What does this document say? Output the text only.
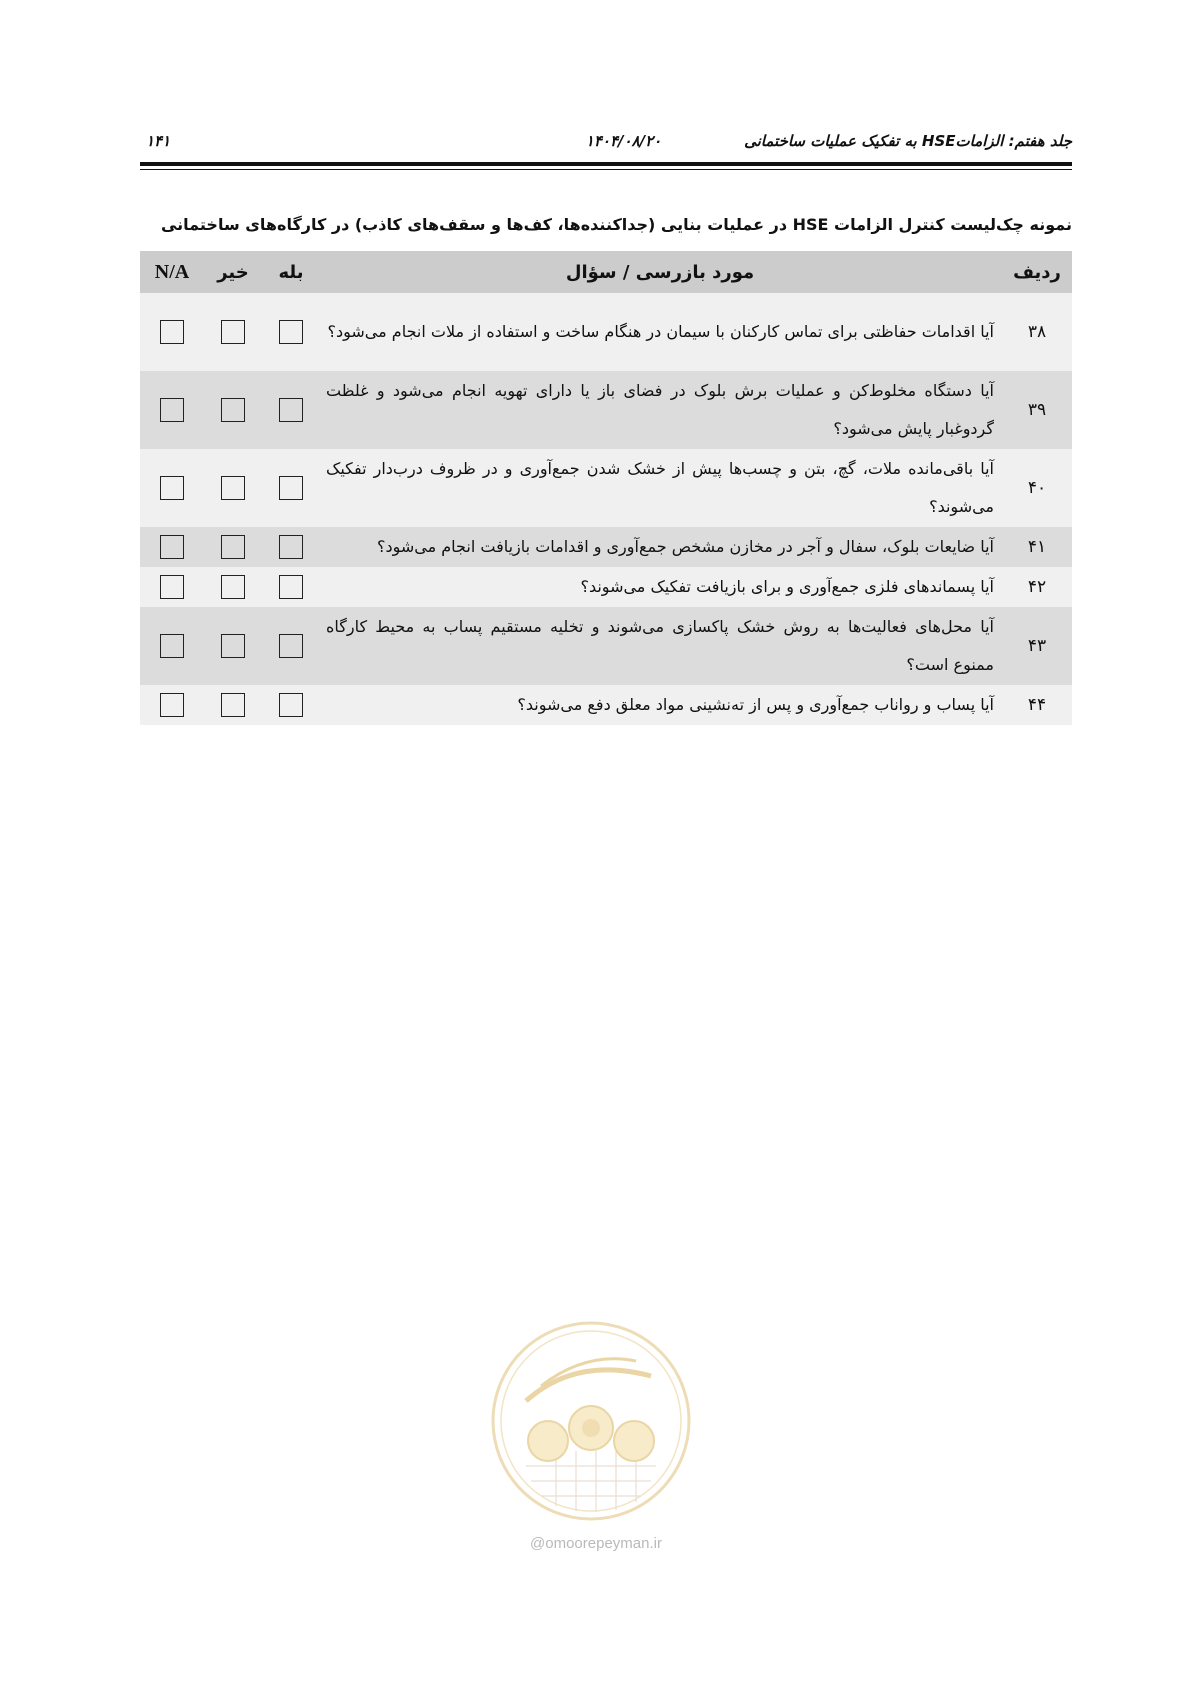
جلد هفتم: الزاماتHSE به تفکیک عملیات ساختمانی
۱۴۰۴/۰۸/۲۰
۱۴۱
نمونه چک‌لیست کنترل الزامات HSE در عملیات بنایی (جداکننده‌ها، کف‌ها و سقف‌های کاذب) در کارگاه‌های ساختمانی
ردیف
مورد بازرسی / سؤال
بله
خیر
N/A
۳۸
آیا اقدامات حفاظتی برای تماس کارکنان با سیمان در هنگام ساخت و استفاده از ملات انجام می‌شود؟
۳۹
آیا دستگاه مخلوط‌کن و عملیات برش بلوک در فضای باز یا دارای تهویه انجام می‌شود و غلظت گردوغبار پایش می‌شود؟
۴۰
آیا باقی‌مانده ملات، گچ، بتن و چسب‌ها پیش از خشک شدن جمع‌آوری و در ظروف درب‌دار تفکیک می‌شوند؟
۴۱
آیا ضایعات بلوک، سفال و آجر در مخازن مشخص جمع‌آوری و اقدامات بازیافت انجام می‌شود؟
۴۲
آیا پسماندهای فلزی جمع‌آوری و برای بازیافت تفکیک می‌شوند؟
۴۳
آیا محل‌های فعالیت‌ها به روش خشک پاکسازی می‌شوند و تخلیه مستقیم پساب به محیط کارگاه ممنوع است؟
۴۴
آیا پساب و رواناب جمع‌آوری و پس از ته‌نشینی مواد معلق دفع می‌شوند؟
@omoorepeyman.ir
